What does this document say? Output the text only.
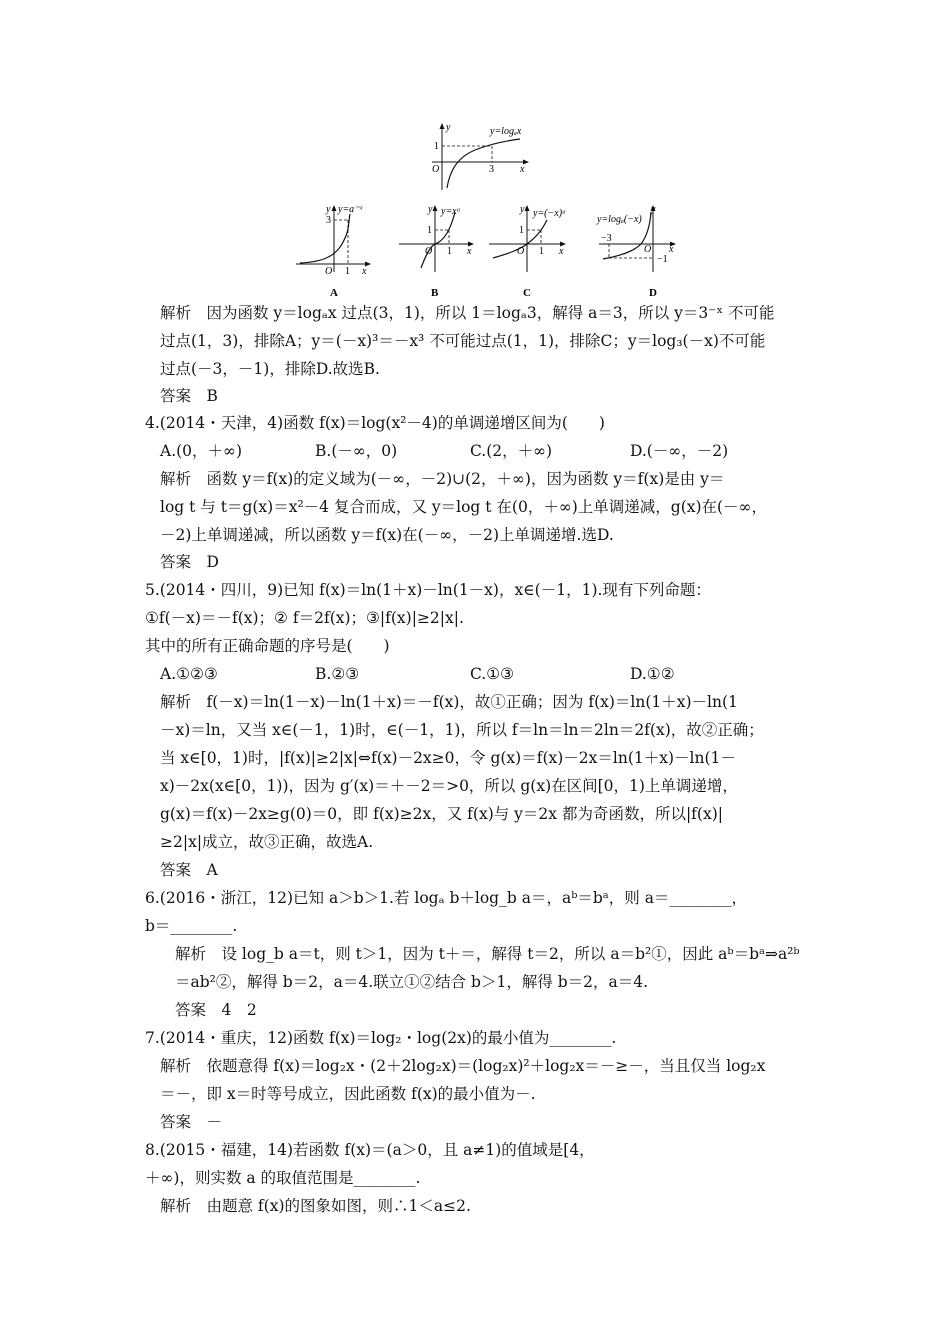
y
x
O
1
3
y=logₐx
y
x
O
3
1
y=a⁻ˣ
A
y
x
O
1
1
y=xᵃ
B
y
x
O
1
1
y=(−x)ᵃ
C
y
x
O
−3
−1
y=logₐ(−x)
D
解析　因为函数 y＝logₐx 过点(3，1)，所以 1＝logₐ3，解得 a＝3，所以 y＝3⁻ˣ 不可能
过点(1，3)，排除A；y＝(－x)³＝－x³ 不可能过点(1，1)，排除C；y＝log₃(－x)不可能
过点(－3，－1)，排除D.故选B.
答案　B
4.(2014・天津，4)函数 f(x)＝log(x²－4)的单调递增区间为(　　)
A.(0，＋∞)	B.(－∞，0)	C.(2，＋∞)	D.(－∞，－2)
解析　函数 y＝f(x)的定义域为(－∞，－2)∪(2，＋∞)，因为函数 y＝f(x)是由 y＝
log t 与 t＝g(x)＝x²－4 复合而成，又 y＝log t 在(0，＋∞)上单调递减，g(x)在(－∞，
－2)上单调递减，所以函数 y＝f(x)在(－∞，－2)上单调递增.选D.
答案　D
5.(2014・四川，9)已知 f(x)＝ln(1＋x)－ln(1－x)，x∈(－1，1).现有下列命题：
①f(－x)＝－f(x)；② f＝2f(x)；③|f(x)|≥2|x|.
其中的所有正确命题的序号是(　　)
A.①②③	B.②③	C.①③	D.①②
解析　f(－x)＝ln(1－x)－ln(1＋x)＝－f(x)，故①正确；因为 f(x)＝ln(1＋x)－ln(1
－x)＝ln，又当 x∈(－1，1)时，∈(－1，1)，所以 f＝ln＝ln＝2ln＝2f(x)，故②正确；
当 x∈[0，1)时，|f(x)|≥2|x|⇔f(x)－2x≥0，令 g(x)＝f(x)－2x＝ln(1＋x)－ln(1－
x)－2x(x∈[0，1))，因为 g′(x)＝＋－2＝>0，所以 g(x)在区间[0，1)上单调递增，
g(x)＝f(x)－2x≥g(0)＝0，即 f(x)≥2x，又 f(x)与 y＝2x 都为奇函数，所以|f(x)|
≥2|x|成立，故③正确，故选A.
答案　A
6.(2016・浙江，12)已知 a＞b＞1.若 logₐ b＋log_b a＝，aᵇ＝bᵃ，则 a＝________，
b＝________.
解析　设 log_b a＝t，则 t＞1，因为 t＋＝，解得 t＝2，所以 a＝b²①，因此 aᵇ＝bᵃ⇒a²ᵇ
＝ab²②，解得 b＝2，a＝4.联立①②结合 b＞1，解得 b＝2，a＝4.
答案　4　2
7.(2014・重庆，12)函数 f(x)＝log₂・log(2x)的最小值为________.
解析　依题意得 f(x)＝log₂x・(2＋2log₂x)＝(log₂x)²＋log₂x＝－≥－，当且仅当 log₂x
＝－，即 x＝时等号成立，因此函数 f(x)的最小值为－.
答案　－
8.(2015・福建，14)若函数 f(x)＝(a＞0，且 a≠1)的值域是[4，
＋∞)，则实数 a 的取值范围是________.
解析　由题意 f(x)的图象如图，则∴1＜a≤2.
